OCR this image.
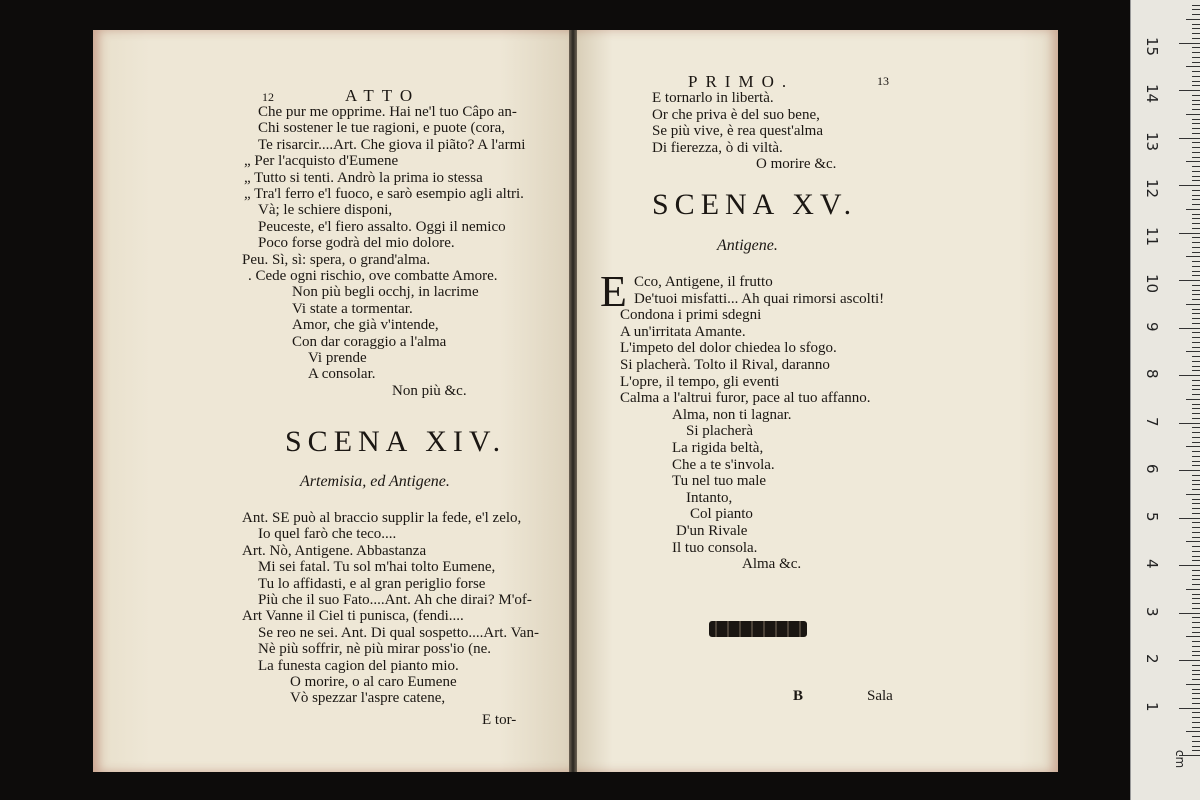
12	ATTO
Che pur me opprime. Hai ne'l tuo Câpo an-
Chi sostener le tue ragioni, e puote (cora,
Te risarcir....Art. Che giova il piãto? A l'armi
„ Per l'acquisto d'Eumene
„ Tutto si tenti. Andrò la prima io stessa
„ Tra'l ferro e'l fuoco, e sarò esempio agli altri.
Và; le schiere disponi,
Peuceste, e'l fiero assalto. Oggi il nemico
Poco forse godrà del mio dolore.
Peu. Sì, sì: spera, o grand'alma.
. Cede ogni rischio, ove combatte Amore.
Non più begli occhj, in lacrime
Vi state a tormentar.
Amor, che già v'intende,
Con dar coraggio a l'alma
Vi prende
A consolar.
Non più &c.
SCENA XIV.
Artemisia, ed Antigene.
Ant. SE può al braccio supplir la fede, e'l zelo,
Io quel farò che teco....
Art. Nò, Antigene. Abbastanza
Mi sei fatal. Tu sol m'hai tolto Eumene,
Tu lo affidasti, e al gran periglio forse
Più che il suo Fato....Ant. Ah che dirai? M'of-
Art Vanne il Ciel ti punisca, (fendi....
Se reo ne sei. Ant. Di qual sospetto....Art. Van-
Nè più soffrir, nè più mirar poss'io (ne.
La funesta cagion del pianto mio.
O morire, o al caro Eumene
Vò spezzar l'aspre catene,
E tor-
PRIMO.	13
E tornarlo in libertà.
Or che priva è del suo bene,
Se più vive, è rea quest'alma
Di fierezza, ò di viltà.
O morire &c.
SCENA XV.
Antigene.
E Cco, Antigene, il frutto
De'tuoi misfatti... Ah quai rimorsi ascolti!
Condona i primi sdegni
A un'irritata Amante.
L'impeto del dolor chiedea lo sfogo.
Si placherà. Tolto il Rival, daranno
L'opre, il tempo, gli eventi
Calma a l'altrui furor, pace al tuo affanno.
Alma, non ti lagnar.
Si placherà
La rigida beltà,
Che a te s'invola.
Tu nel tuo male
Intanto,
Col pianto
D'un Rivale
Il tuo consola.
Alma &c.
B	Sala
1
2
3
4
5
6
7
8
9
10
11
12
13
14
15
cm
